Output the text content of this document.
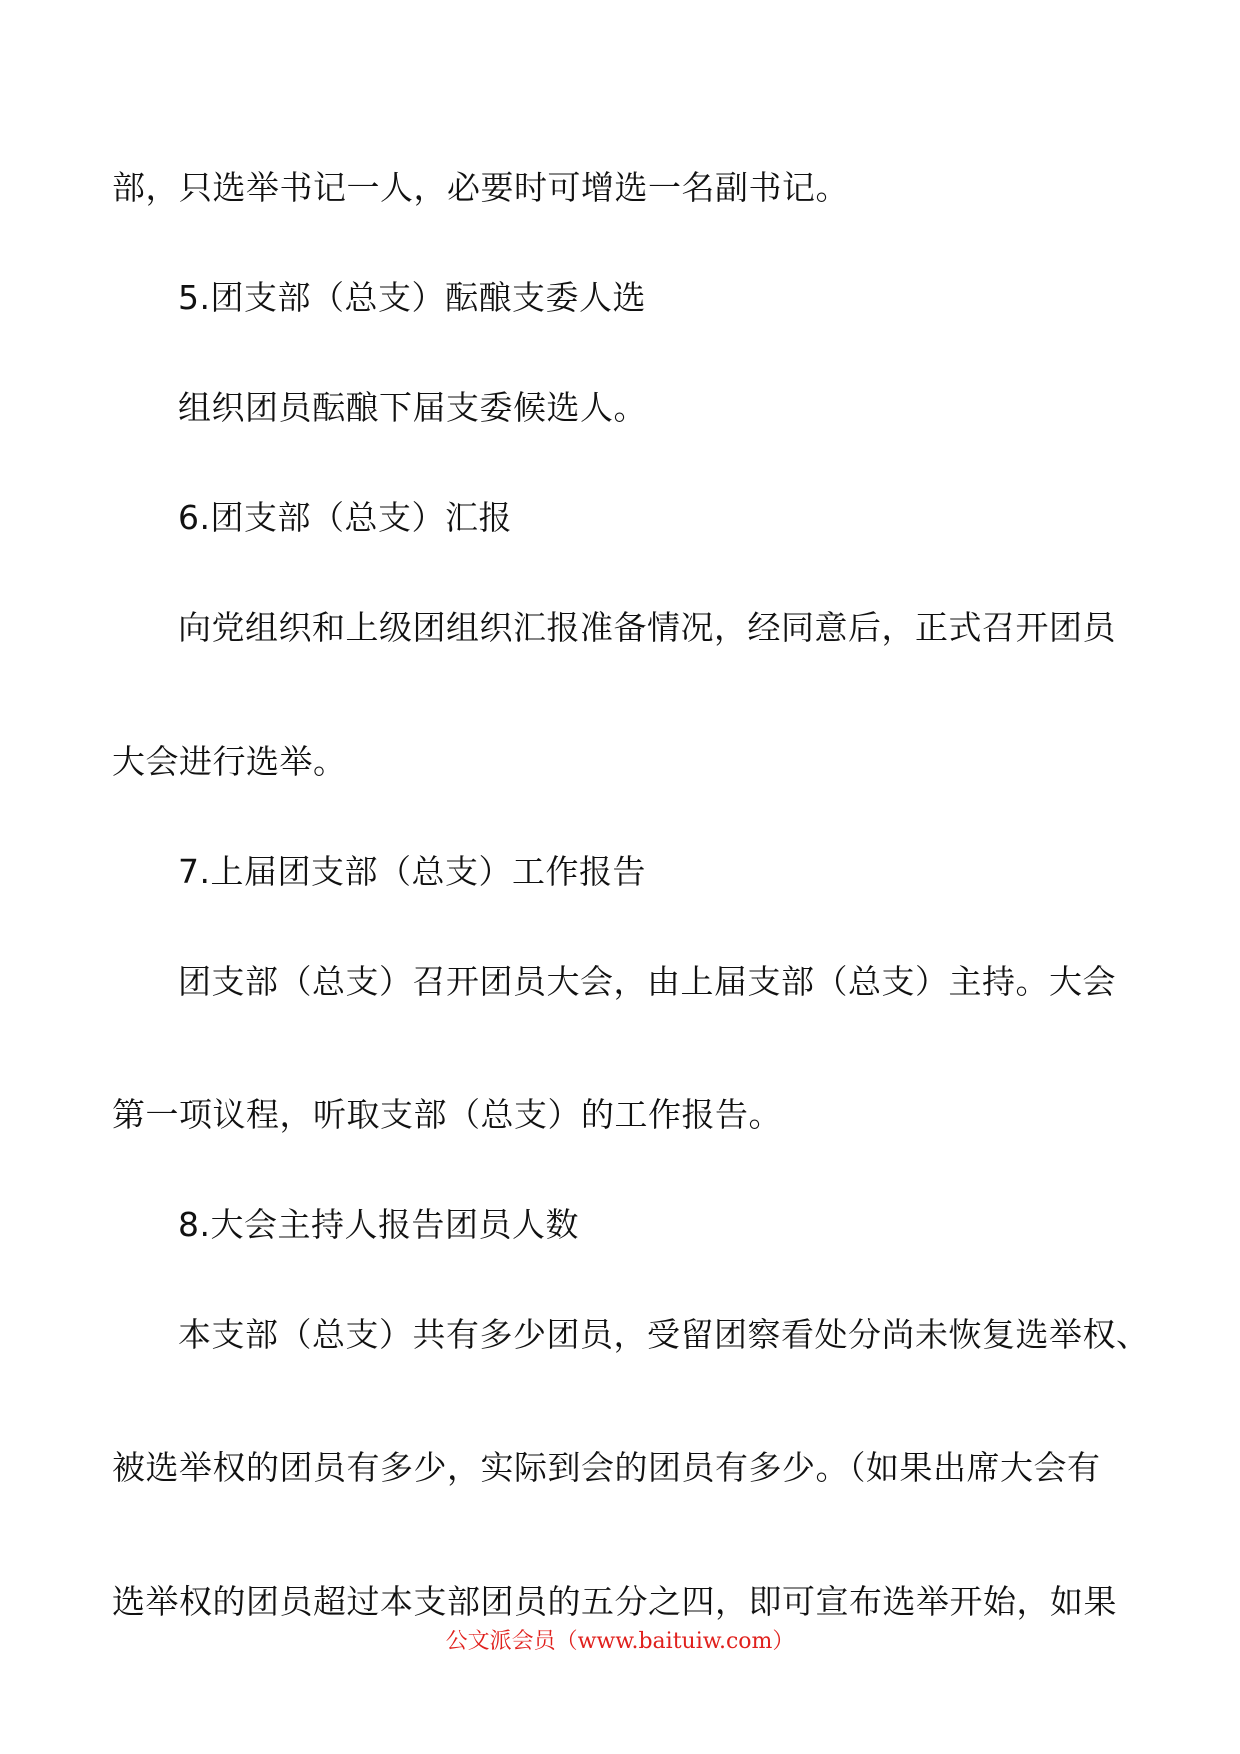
部，只选举书记一人，必要时可增选一名副书记。
5.团支部（总支）酝酿支委人选
组织团员酝酿下届支委候选人。
6.团支部（总支）汇报
向党组织和上级团组织汇报准备情况，经同意后，正式召开团员
大会进行选举。
7.上届团支部（总支）工作报告
团支部（总支）召开团员大会，由上届支部（总支）主持。大会
第一项议程，听取支部（总支）的工作报告。
8.大会主持人报告团员人数
本支部（总支）共有多少团员，受留团察看处分尚未恢复选举权、
被选举权的团员有多少，实际到会的团员有多少。（如果出席大会有
选举权的团员超过本支部团员的五分之四，即可宣布选举开始，如果
公文派会员（www.baituiw.com）
